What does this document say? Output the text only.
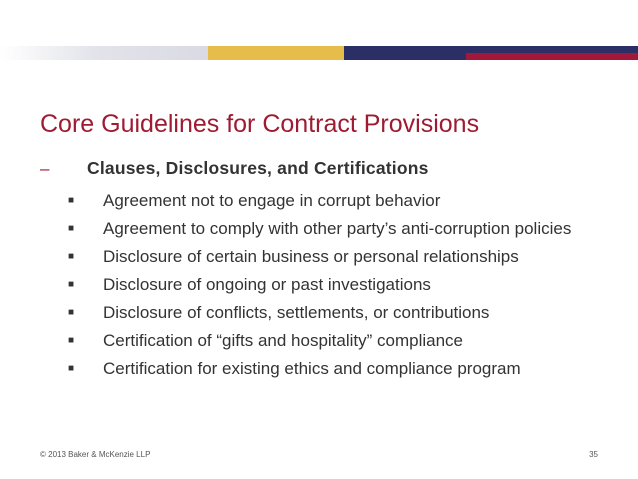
Core Guidelines for Contract Provisions
–	Clauses, Disclosures, and Certifications
■	Agreement not to engage in corrupt behavior
■	Agreement to comply with other party’s anti-corruption policies
■	Disclosure of certain business or personal relationships
■	Disclosure of ongoing or past investigations
■	Disclosure of conflicts, settlements, or contributions
■	Certification of “gifts and hospitality” compliance
■	Certification for existing ethics and compliance program
© 2013 Baker & McKenzie LLP	35
